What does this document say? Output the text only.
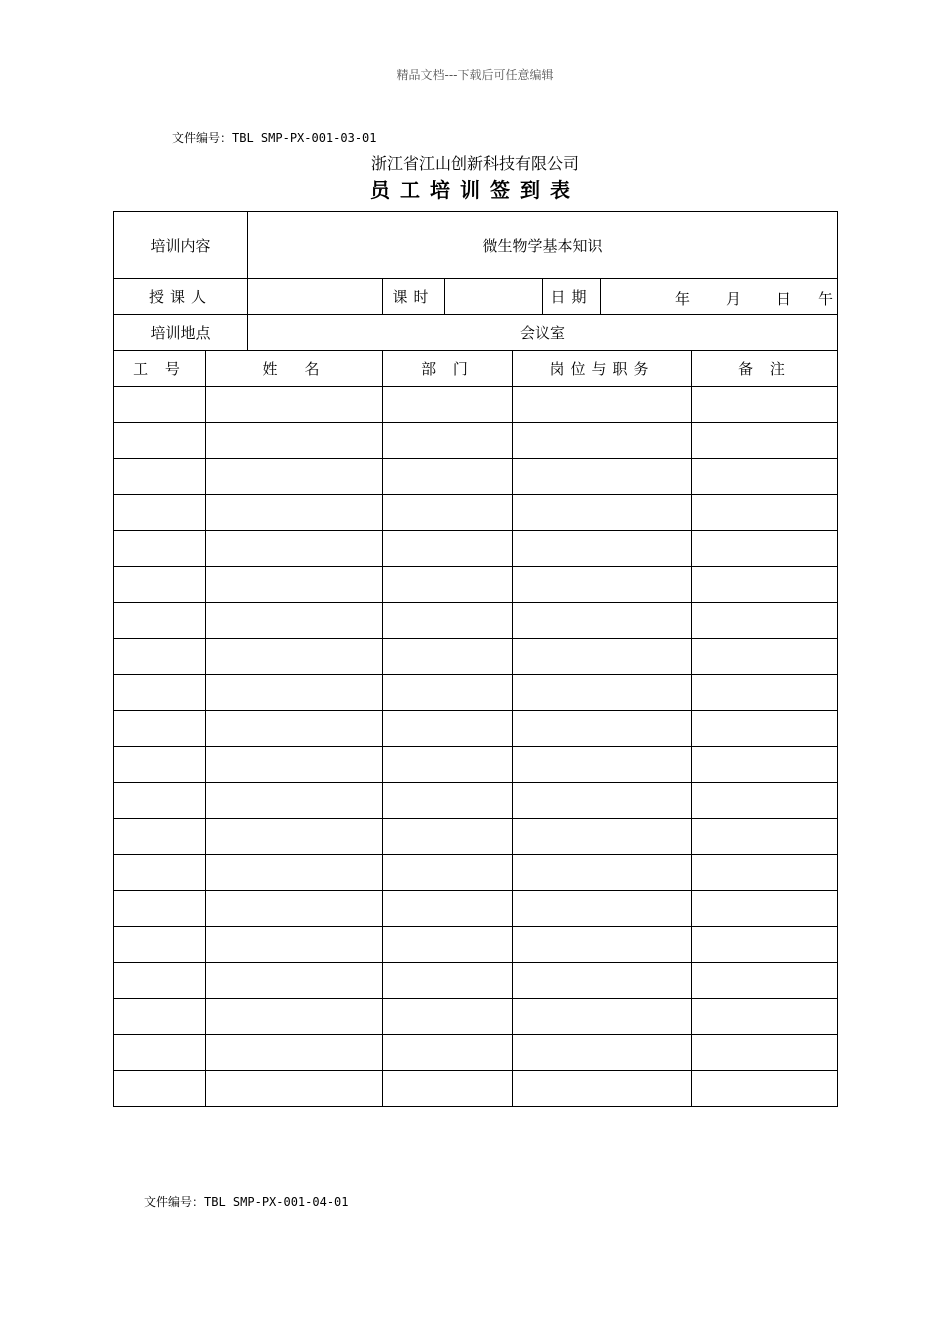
精品文档---下载后可任意编辑
文件编号：TBL SMP-PX-001-03-01
浙江省江山创新科技有限公司
员工培训签到表
培训内容		微生物学基本知识						
授课人			课时			日期	年 月 日 午	

培训地点		会议室						
工 号	姓　名		部 门		岗位与职务			备 注

文件编号：TBL SMP-PX-001-04-01
